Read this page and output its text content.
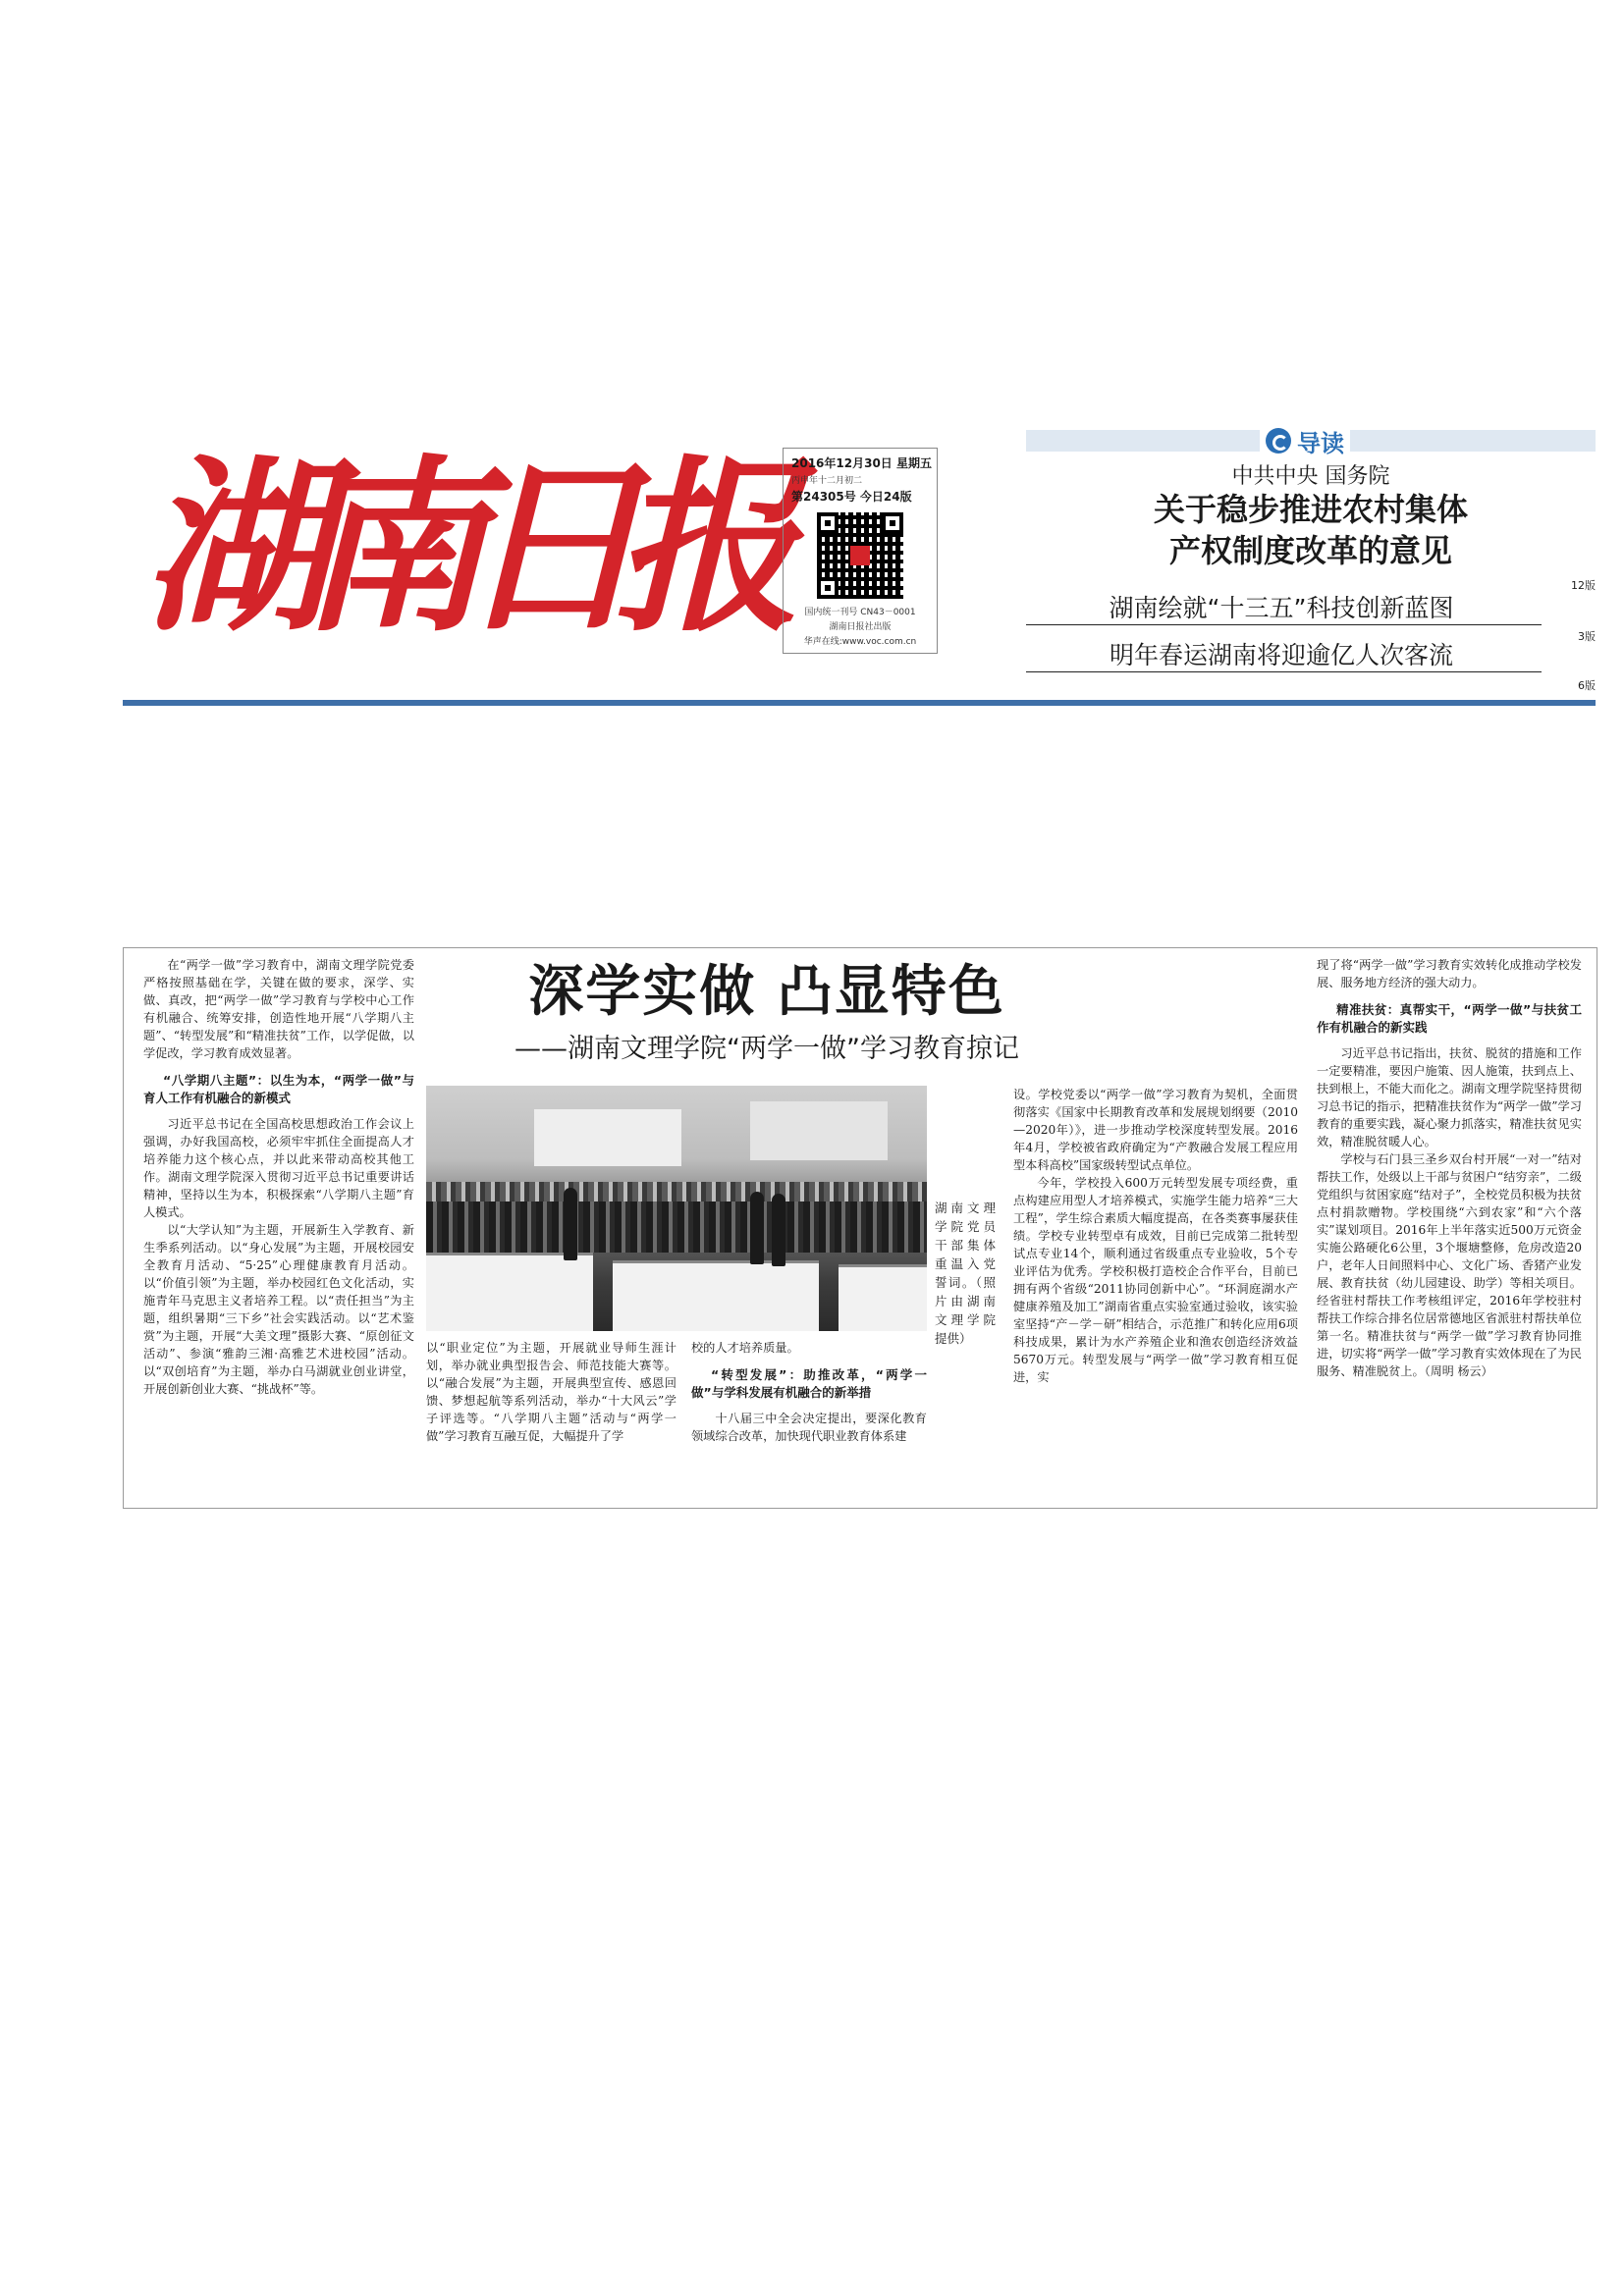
湖
南
日
报
2016年12月30日 星期五
丙申年十二月初二
第24305号 今日24版
国内统一刊号 CN43－0001
湖南日报社出版
华声在线:www.voc.com.cn
导读
中共中央 国务院
关于稳步推进农村集体
产权制度改革的意见
12版
湖南绘就“十三五”科技创新蓝图
3版
明年春运湖南将迎逾亿人次客流
6版

在“两学一做”学习教育中，湖南文理学院党委严格按照基础在学，关键在做的要求，深学、实做、真改，把“两学一做”学习教育与学校中心工作有机融合、统筹安排，创造性地开展“八学期八主题”、“转型发展”和“精准扶贫”工作，以学促做，以学促改，学习教育成效显著。

“八学期八主题”：以生为本，“两学一做”与育人工作有机融合的新模式

习近平总书记在全国高校思想政治工作会议上强调，办好我国高校，必须牢牢抓住全面提高人才培养能力这个核心点，并以此来带动高校其他工作。湖南文理学院深入贯彻习近平总书记重要讲话精神，坚持以生为本，积极探索“八学期八主题”育人模式。

以“大学认知”为主题，开展新生入学教育、新生季系列活动。以“身心发展”为主题，开展校园安全教育月活动、“5·25”心理健康教育月活动。以“价值引领”为主题，举办校园红色文化活动，实施青年马克思主义者培养工程。以“责任担当”为主题，组织暑期“三下乡”社会实践活动。以“艺术鉴赏”为主题，开展“大美文理”摄影大赛、“原创征文活动”、参演“雅韵三湘·高雅艺术进校园”活动。以“双创培育”为主题，举办白马湖就业创业讲堂，开展创新创业大赛、“挑战杯”等。

深学实做 凸显特色
——湖南文理学院“两学一做”学习教育掠记
湖南文理学院党员干部集体重温入党誓词。（照片由湖南文理学院提供）

以“职业定位”为主题，开展就业导师生涯计划，举办就业典型报告会、师范技能大赛等。以“融合发展”为主题，开展典型宣传、感恩回馈、梦想起航等系列活动，举办“十大风云”学子评选等。“八学期八主题”活动与“两学一做”学习教育互融互促，大幅提升了学

校的人才培养质量。

“转型发展”：助推改革，“两学一做”与学科发展有机融合的新举措

十八届三中全会决定提出，要深化教育领域综合改革，加快现代职业教育体系建

设。学校党委以“两学一做”学习教育为契机，全面贯彻落实《国家中长期教育改革和发展规划纲要（2010—2020年）》，进一步推动学校深度转型发展。2016年4月，学校被省政府确定为“产教融合发展工程应用型本科高校”国家级转型试点单位。

今年，学校投入600万元转型发展专项经费，重点构建应用型人才培养模式，实施学生能力培养“三大工程”，学生综合素质大幅度提高，在各类赛事屡获佳绩。学校专业转型卓有成效，目前已完成第二批转型试点专业14个，顺利通过省级重点专业验收，5个专业评估为优秀。学校积极打造校企合作平台，目前已拥有两个省级“2011协同创新中心”。“环洞庭湖水产健康养殖及加工”湖南省重点实验室通过验收，该实验室坚持“产－学－研”相结合，示范推广和转化应用6项科技成果，累计为水产养殖企业和渔农创造经济效益5670万元。转型发展与“两学一做”学习教育相互促进，实

现了将“两学一做”学习教育实效转化成推动学校发展、服务地方经济的强大动力。

精准扶贫：真帮实干，“两学一做”与扶贫工作有机融合的新实践

习近平总书记指出，扶贫、脱贫的措施和工作一定要精准，要因户施策、因人施策，扶到点上、扶到根上，不能大而化之。湖南文理学院坚持贯彻习总书记的指示，把精准扶贫作为“两学一做”学习教育的重要实践，凝心聚力抓落实，精准扶贫见实效，精准脱贫暖人心。

学校与石门县三圣乡双台村开展“一对一”结对帮扶工作，处级以上干部与贫困户“结穷亲”，二级党组织与贫困家庭“结对子”，全校党员积极为扶贫点村捐款赠物。学校围绕“六到农家”和“六个落实”谋划项目。2016年上半年落实近500万元资金实施公路硬化6公里，3个堰塘整修，危房改造20户，老年人日间照料中心、文化广场、香猪产业发展、教育扶贫（幼儿园建设、助学）等相关项目。经省驻村帮扶工作考核组评定，2016年学校驻村帮扶工作综合排名位居常德地区省派驻村帮扶单位第一名。精准扶贫与“两学一做”学习教育协同推进，切实将“两学一做”学习教育实效体现在了为民服务、精准脱贫上。（周明 杨云）
